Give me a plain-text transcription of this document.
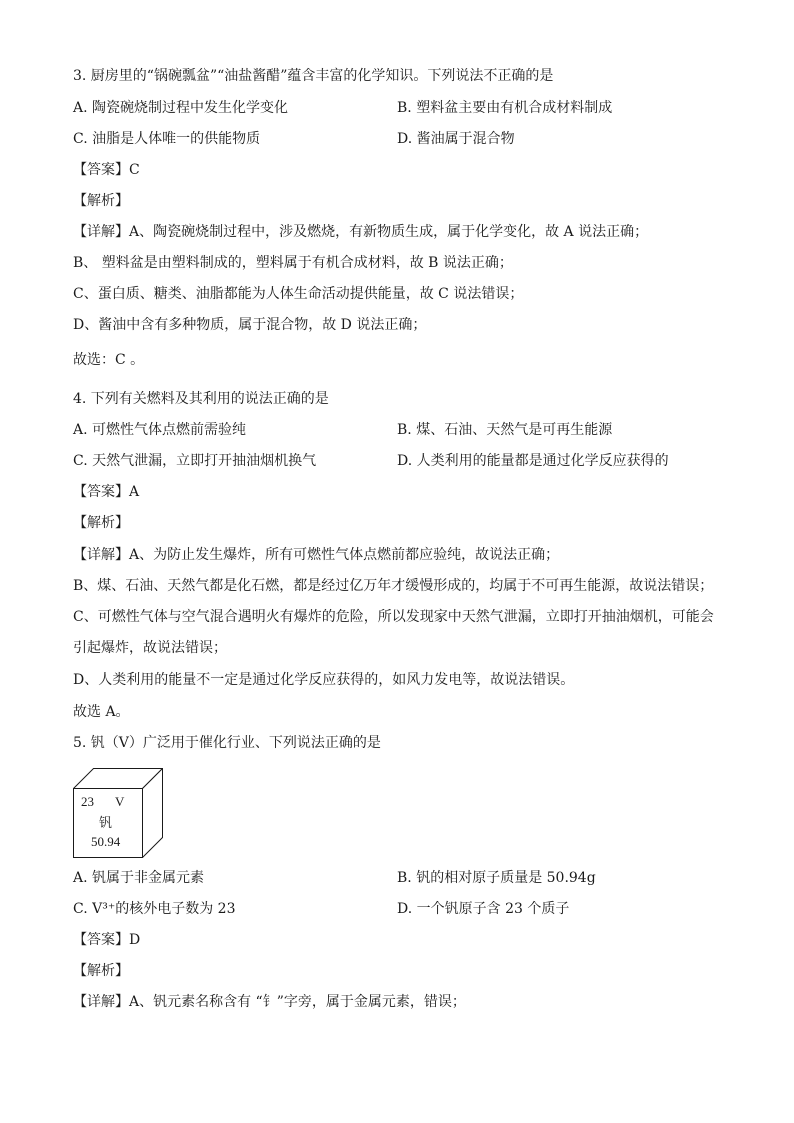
3. 厨房里的“锅碗瓢盆”“油盐酱醋”蕴含丰富的化学知识。下列说法不正确的是
A. 陶瓷碗烧制过程中发生化学变化	B. 塑料盆主要由有机合成材料制成
C. 油脂是人体唯一的供能物质	D. 酱油属于混合物
【答案】C
【解析】
【详解】A、陶瓷碗烧制过程中，涉及燃烧，有新物质生成，属于化学变化，故 A 说法正确；
B、 塑料盆是由塑料制成的，塑料属于有机合成材料，故 B 说法正确；
C、蛋白质、糖类、油脂都能为人体生命活动提供能量，故 C 说法错误；
D、酱油中含有多种物质，属于混合物，故 D 说法正确；
故选：C 。
4. 下列有关燃料及其利用的说法正确的是
A. 可燃性气体点燃前需验纯	B. 煤、石油、天然气是可再生能源
C. 天然气泄漏，立即打开抽油烟机换气	D. 人类利用的能量都是通过化学反应获得的
【答案】A
【解析】
【详解】A、为防止发生爆炸，所有可燃性气体点燃前都应验纯，故说法正确；
B、煤、石油、天然气都是化石燃，都是经过亿万年才缓慢形成的，均属于不可再生能源，故说法错误；
C、可燃性气体与空气混合遇明火有爆炸的危险，所以发现家中天然气泄漏，立即打开抽油烟机，可能会
引起爆炸，故说法错误；
D、人类利用的能量不一定是通过化学反应获得的，如风力发电等，故说法错误。
故选 A。
5. 钒（V）广泛用于催化行业、下列说法正确的是
23 V
钒
50.94
A. 钒属于非金属元素	B. 钒的相对原子质量是 50.94g
C. V³⁺的核外电子数为 23	D. 一个钒原子含 23 个质子
【答案】D
【解析】
【详解】A、钒元素名称含有 “钅”字旁，属于金属元素，错误；
